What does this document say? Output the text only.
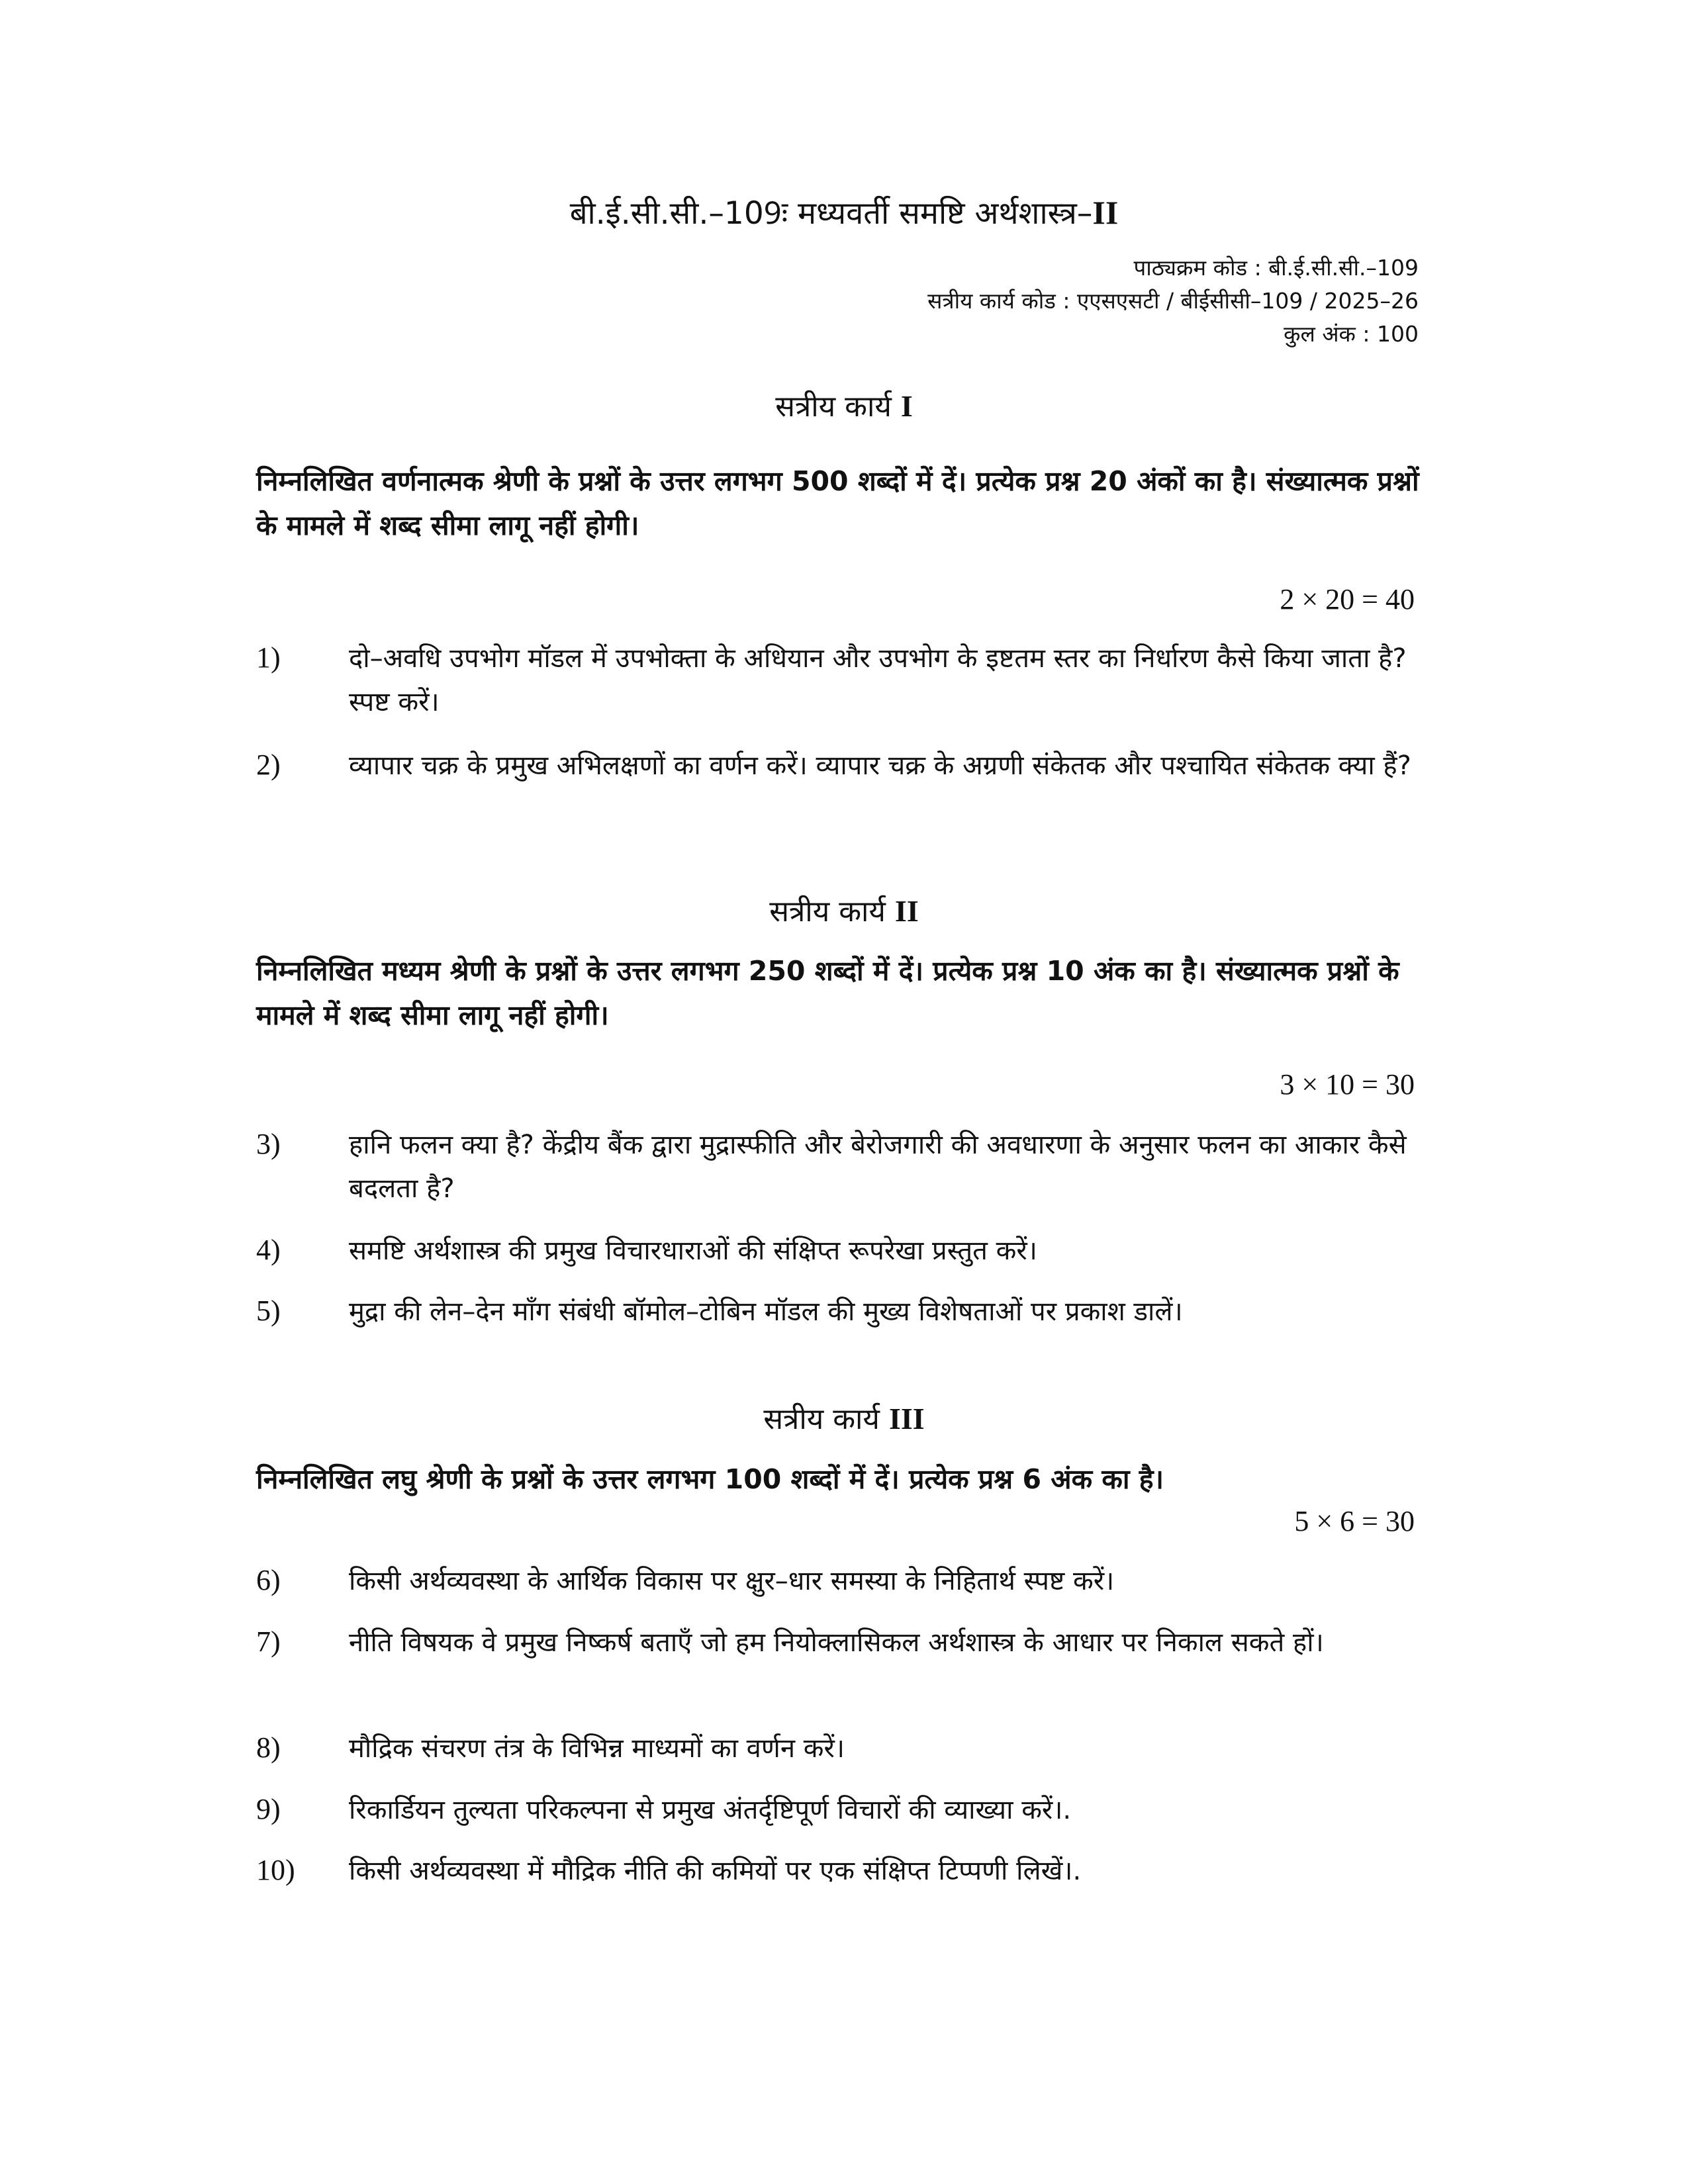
बी.ई.सी.सी.–109ः मध्यवर्ती समष्टि अर्थशास्त्र–II
पाठ्यक्रम कोड : बी.ई.सी.सी.–109
सत्रीय कार्य कोड : एएसएसटी / बीईसीसी–109 / 2025–26
कुल अंक : 100
सत्रीय कार्य I
निम्नलिखित वर्णनात्मक श्रेणी के प्रश्नों के उत्तर लगभग 500 शब्दों में दें। प्रत्येक प्रश्न 20 अंकों का है। संख्यात्मक प्रश्नों के मामले में शब्द सीमा लागू नहीं होगी।
2 × 20 = 40
1)	दो–अवधि उपभोग मॉडल में उपभोक्ता के अधियान और उपभोग के इष्टतम स्तर का निर्धारण कैसे किया जाता है? स्पष्ट करें।
2)	व्यापार चक्र के प्रमुख अभिलक्षणों का वर्णन करें। व्यापार चक्र के अग्रणी संकेतक और पश्चायित संकेतक क्या हैं?
सत्रीय कार्य II
निम्नलिखित मध्यम श्रेणी के प्रश्नों के उत्तर लगभग 250 शब्दों में दें। प्रत्येक प्रश्न 10 अंक का है। संख्यात्मक प्रश्नों के मामले में शब्द सीमा लागू नहीं होगी।
3 × 10 = 30
3)	हानि फलन क्या है? केंद्रीय बैंक द्वारा मुद्रास्फीति और बेरोजगारी की अवधारणा के अनुसार फलन का आकार कैसे बदलता है?
4)	समष्टि अर्थशास्त्र की प्रमुख विचारधाराओं की संक्षिप्त रूपरेखा प्रस्तुत करें।
5)	मुद्रा की लेन–देन माँग संबंधी बॉमोल–टोबिन मॉडल की मुख्य विशेषताओं पर प्रकाश डालें।
सत्रीय कार्य III
निम्नलिखित लघु श्रेणी के प्रश्नों के उत्तर लगभग 100 शब्दों में दें। प्रत्येक प्रश्न 6 अंक का है।
5 × 6 = 30
6)	किसी अर्थव्यवस्था के आर्थिक विकास पर क्षुर–धार समस्या के निहितार्थ स्पष्ट करें।
7)	नीति विषयक वे प्रमुख निष्कर्ष बताएँ जो हम नियोक्लासिकल अर्थशास्त्र के आधार पर निकाल सकते हों।
8)	मौद्रिक संचरण तंत्र के विभिन्न माध्यमों का वर्णन करें।
9)	रिकार्डियन तुल्यता परिकल्पना से प्रमुख अंतर्दृष्टिपूर्ण विचारों की व्याख्या करें।.
10) किसी अर्थव्यवस्था में मौद्रिक नीति की कमियों पर एक संक्षिप्त टिप्पणी लिखें।.
